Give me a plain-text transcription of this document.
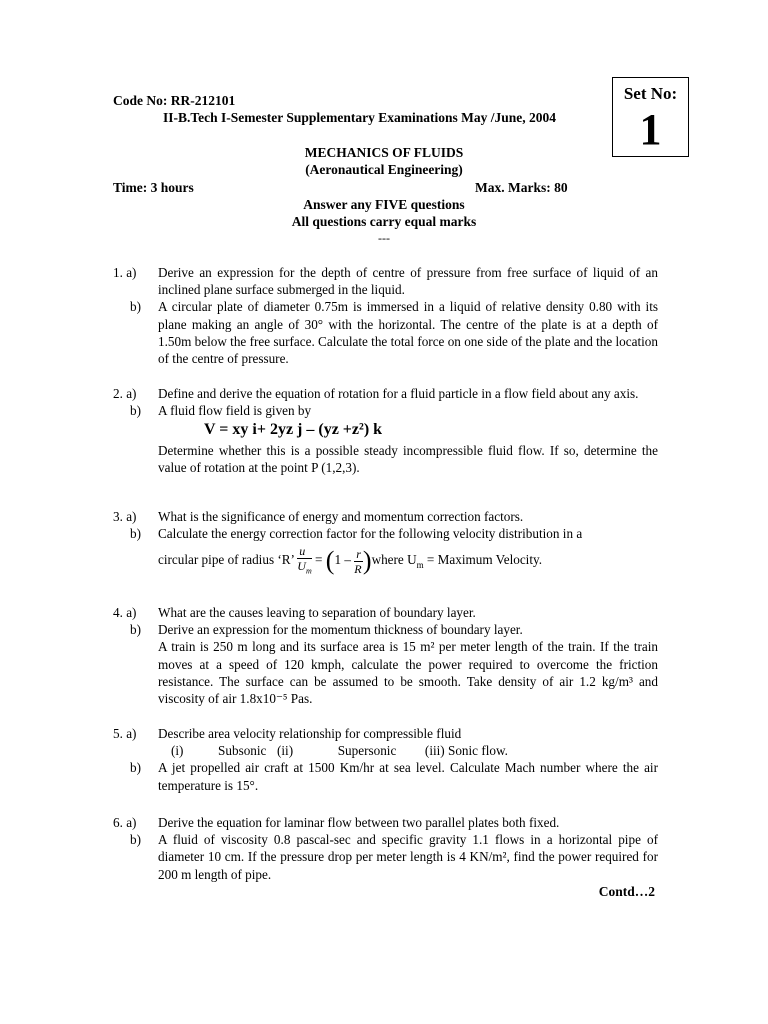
Set No:
1
Code No: RR-212101
II-B.Tech I-Semester Supplementary Examinations May /June, 2004
MECHANICS OF FLUIDS
(Aeronautical Engineering)
Time: 3 hours	Max. Marks: 80
Answer any FIVE questions
All questions carry equal marks
---
1. a)	Derive an expression for the depth of centre of pressure from free surface of liquid of an inclined plane surface submerged in the liquid.
b)	A circular plate of diameter 0.75m is immersed in a liquid of relative density 0.80 with its plane making an angle of 30° with the horizontal. The centre of the plate is at a depth of 1.50m below the free surface. Calculate the total force on one side of the plate and the location of the centre of pressure.
2. a)	Define and derive the equation of rotation for a fluid particle in a flow field about any axis.
b)	A fluid flow field is given by
V = xy i+ 2yz j – (yz +z²) k
Determine whether this is a possible steady incompressible fluid flow. If so, determine the value of rotation at the point P (1,2,3).
3. a)	What is the significance of energy and momentum correction factors.
b)	Calculate the energy correction factor for the following velocity distribution in a
circular pipe of radius ‘R’ $\frac{u}{U_m} = (1 - \frac{r}{R}$ )where $U_m$ = Maximum Velocity.
4. a)	What are the causes leaving to separation of boundary layer.
b)	Derive an expression for the momentum thickness of boundary layer.
A train is 250 m long and its surface area is 15 m² per meter length of the train. If the train moves at a speed of 120 kmph, calculate the power required to overcome the friction resistance. The surface can be assumed to be smooth. Take density of air 1.2 kg/m³ and viscosity of air 1.8x10⁻⁵ Pas.
5. a)	Describe area velocity relationship for compressible fluid
(i)	Subsonic (ii)	Supersonic (iii) Sonic flow.
b)	A jet propelled air craft at 1500 Km/hr at sea level. Calculate Mach number where the air temperature is 15°.
6. a)	Derive the equation for laminar flow between two parallel plates both fixed.
b)	A fluid of viscosity 0.8 pascal-sec and specific gravity 1.1 flows in a horizontal pipe of diameter 10 cm. If the pressure drop per meter length is 4 KN/m², find the power required for 200 m length of pipe.
Contd…2
